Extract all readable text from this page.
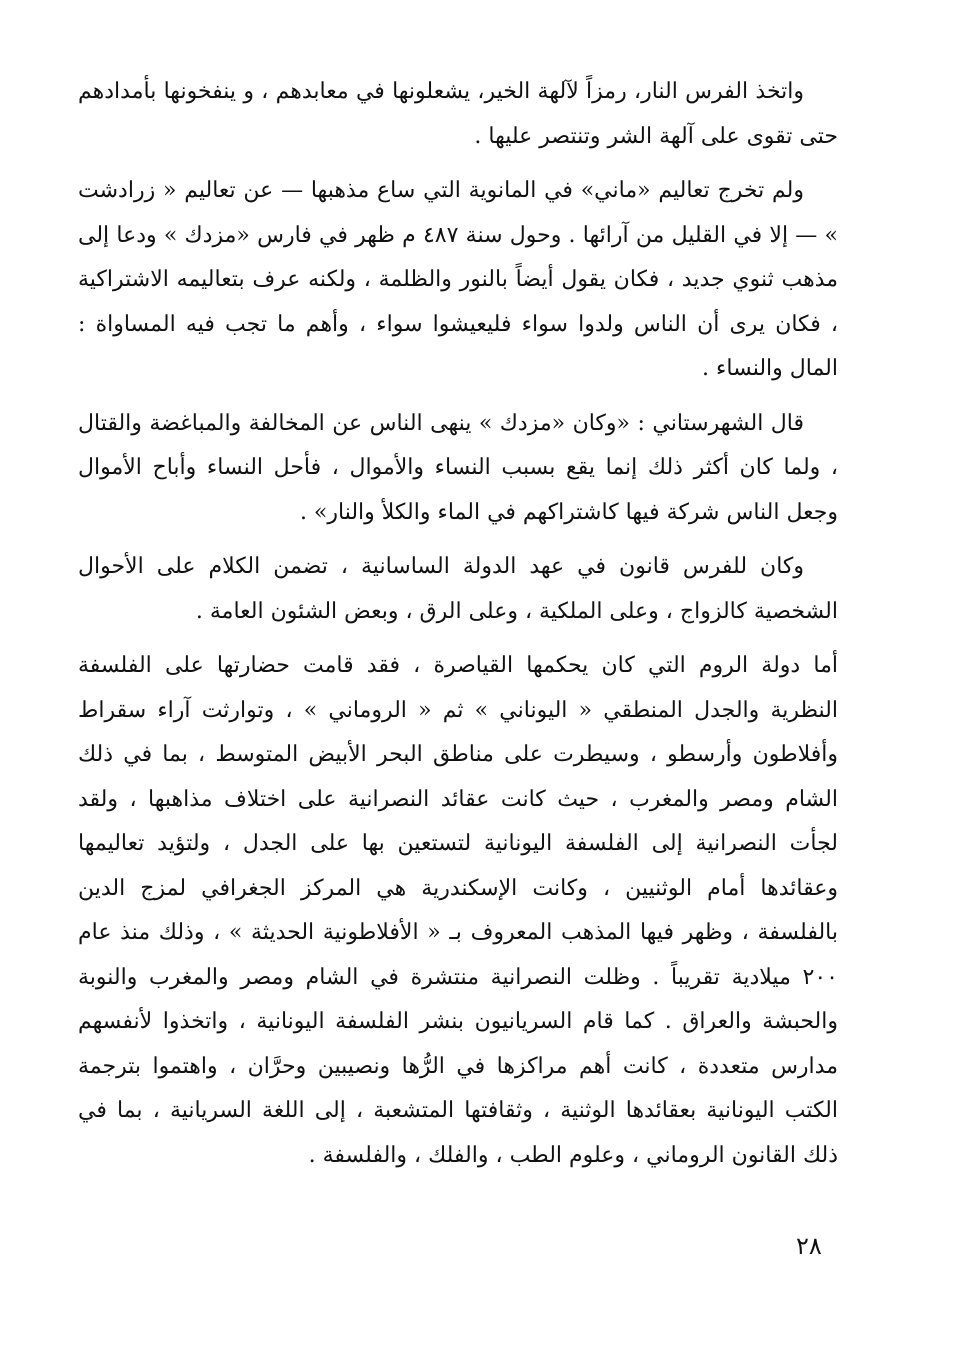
واتخذ الفرس النار، رمزاً لآلهة الخير، يشعلونها في معابدهم ، و ينفخونها بأمدادهم حتى تقوى على آلهة الشر وتنتصر عليها .

ولم تخرج تعاليم «ماني» في المانوية التي ساع مذهبها — عن تعاليم « زرادشت » — إلا في القليل من آرائها . وحول سنة ٤٨٧ م ظهر في فارس «مزدك » ودعا إلى مذهب ثنوي جديد ، فكان يقول أيضاً بالنور والظلمة ، ولكنه عرف بتعاليمه الاشتراكية ، فكان يرى أن الناس ولدوا سواء فليعيشوا سواء ، وأهم ما تجب فيه المساواة : المال والنساء .

قال الشهرستاني : «وكان «مزدك » ينهى الناس عن المخالفة والمباغضة والقتال ، ولما كان أكثر ذلك إنما يقع بسبب النساء والأموال ، فأحل النساء وأباح الأموال وجعل الناس شركة فيها كاشتراكهم في الماء والكلأ والنار» .

وكان للفرس قانون في عهد الدولة الساسانية ، تضمن الكلام على الأحوال الشخصية كالزواج ، وعلى الملكية ، وعلى الرق ، وبعض الشئون العامة .

أما دولة الروم التي كان يحكمها القياصرة ، فقد قامت حضارتها على الفلسفة النظرية والجدل المنطقي « اليوناني » ثم « الروماني » ، وتوارثت آراء سقراط وأفلاطون وأرسطو ، وسيطرت على مناطق البحر الأبيض المتوسط ، بما في ذلك الشام ومصر والمغرب ، حيث كانت عقائد النصرانية على اختلاف مذاهبها ، ولقد لجأت النصرانية إلى الفلسفة اليونانية لتستعين بها على الجدل ، ولتؤيد تعاليمها وعقائدها أمام الوثنيين ، وكانت الإسكندرية هي المركز الجغرافي لمزج الدين بالفلسفة ، وظهر فيها المذهب المعروف بـ « الأفلاطونية الحديثة » ، وذلك منذ عام ٢٠٠ ميلادية تقريباً . وظلت النصرانية منتشرة في الشام ومصر والمغرب والنوبة والحبشة والعراق . كما قام السريانيون بنشر الفلسفة اليونانية ، واتخذوا لأنفسهم مدارس متعددة ، كانت أهم مراكزها في الرُّها ونصيبين وحرَّان ، واهتموا بترجمة الكتب اليونانية بعقائدها الوثنية ، وثقافتها المتشعبة ، إلى اللغة السريانية ، بما في ذلك القانون الروماني ، وعلوم الطب ، والفلك ، والفلسفة .

٢٨
